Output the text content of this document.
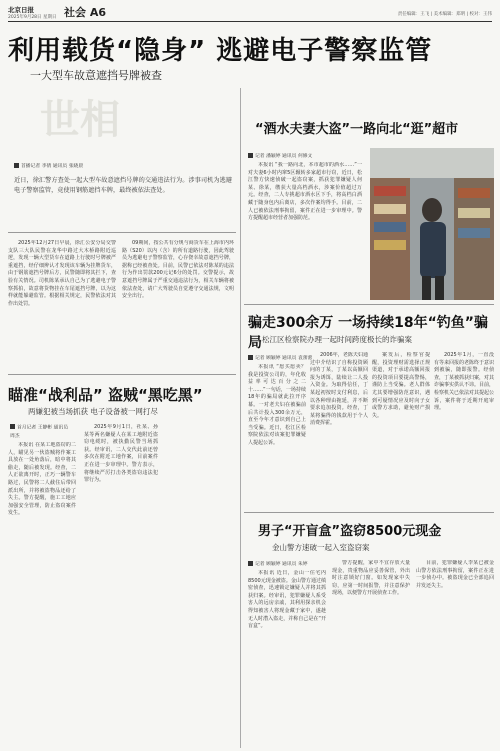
北京日报
2025年9月28日 星期日 社会 A6	责任编辑：王飞 | 美术编辑：郑明 | 校对：王伟
利用载货“隐身” 逃避电子警察监管
一大型车故意遮挡号牌被查
世相
首播记者 李倩 通讯员 张晓晨
近日，徐汇警方查处一起大型车故意遮挡号牌的交通违法行为。涉事司机为逃避电子警察监管，竟使用钢筋遮挡车牌，最终被依法查处。
2025年12月27日早晨，徐汇公安分局交警支队三大队民警在龙华中路过大木桥路附近巡逻，发现一辆大型货车在道路上行驶时号牌被严重遮挡，经仔细辨认才发现该车辆为挂牌货车，由于钢筋遮挡号牌后方，民警随即将其拦下，查验有关情况。司机陈某承认自己为了逃避电子警察抓拍，故意将货物挂在车尾遮挡号牌，以为这样就能躲避监管。根据相关规定，民警依法对其作出处罚。
09期间，按公共有分规与商货车在上海市内环路（S20）以内（含）的所有道路行驶，因此驾驶员为逃避电子警察监管，心存侥幸故意遮挡号牌，据称已经被查处。目前，民警已依法对陈某的违法行为作出罚款200元记6分的处罚。交警提示，故意遮挡号牌属于严重交通违法行为，相关车辆将被依法查处，请广大驾驶员自觉遵守交通法规，文明安全出行。
瞄准“战利品” 盗贼“黑吃黑”
两嫌犯被当场抓获 电子设备被一网打尽
首月记者 王静彬 通讯员 周杰
本报讯 在某工地盗窃的二人，瞄见另一伙盗贼将作案工具放在一处角落后，暗中将其偷走，随后被发现。经查，二人正欲离开时，正巧一辆警车路过，民警将二人截住后带回派出所，并将被盗物品还给了失主。警方提醒，施工工地应加强安全管理，防止盗窃案件发生。
2025年9月1日，社某、孙某等两名嫌疑人在某工地附近盗窃电缆时，被执勤民警当场抓获。经审讯，二人交代此前还曾多次在附近工地作案，目前案件正在进一步审理中。警方表示，将继续严厉打击各类盗窃违法犯罪行为。
“酒水夫妻大盗”一路向北“逛”超市
记者 潘颖婷 通讯员 何修文
本报讯 “我一路向北，本市超市的酒水……”一对夫妻6小时内窜5区辗转多家超市行窃，近日，松江警方快速侦破一起盗窃案，抓获犯罪嫌疑人何某、徐某，缴获大量高档酒水，涉案价值超过万元。经查，二人专挑超市酒水区下手，将高档白酒藏于随身包内后离店，多次作案均得手。目前，二人已被依法刑事拘留，案件正在进一步审理中。警方提醒超市经营者加强防范。
骗走300余万 一场持续18年“钓鱼”骗局 松江区检察院办理一起时间跨度极长的诈骗案
记者 顾颖婷 通讯员 袁蕾蕾
本报讯 “愿买愿卖？我是投资公司的，年化收益率可达百分之二十……”一句话，一场持续18年的骗局就此拉开序幕。一对老夫妇在被骗前后共计投入300余万元，直至今年才意识到自己上当受骗。近日，松江区检察院依法对该案犯罪嫌疑人提起公诉。
2006年，老陈夫妇通过中介结识了自称投资顾问的丁某，丁某以高额回报为诱饵，陆续让二人投入资金。为取得信任，丁某起初按时支付利息，后以各种理由拖延，并不断要求追加投资。经查，丁某将骗得的钱款用于个人消费挥霍。
案发后，检察官提醒，投资理财需选择正规渠道，对于承诺高额回报的投资项目要提高警惕，谨防上当受骗。老人群体尤其要增强防范意识，遇到可疑情况应及时向子女或警方求助，避免财产损失。
2025年1月，一直没有等来回报的老陈终于意识到被骗，随即报警。经侦查，丁某被抓获归案，对其诈骗事实供认不讳。目前，检察机关已依法对其提起公诉，案件将于近期开庭审理。
男子“开盲盒”盗窃8500元现金
金山警方速破一起入室盗窃案
记者 顾颖婷 通讯员 朱婷
本报讯 近日，金山一住宅内8500元现金被盗。金山警方通过缜密侦查，迅速锁定嫌疑人并将其抓获归案。经审讯，犯罪嫌疑人系受害人的远房亲戚，其利用探亲机会得知被害人将现金藏于家中，遂趁无人时潜入盗走，并称自己是在“开盲盒”。
警方提醒，家中不宜存放大量现金，贵重物品应妥善保管，外出时注意锁好门窗。如发现家中失窃，应第一时间报警，并注意保护现场，以便警方开展侦查工作。
目前，犯罪嫌疑人李某已被金山警方依法刑事拘留，案件正在进一步侦办中。被盗现金已全部追回并发还失主。
